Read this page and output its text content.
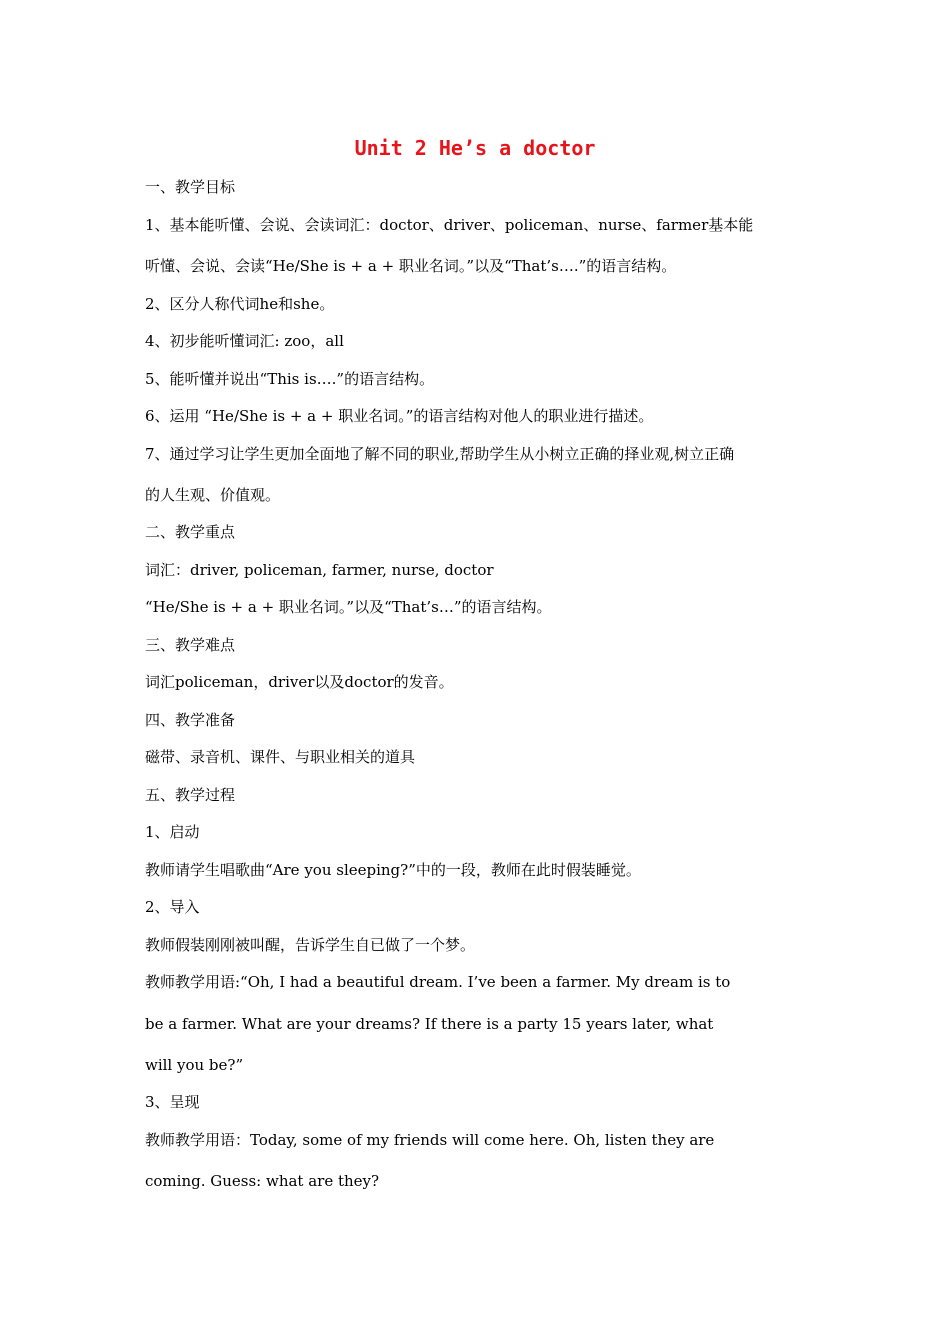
Unit 2 He’s a doctor
一、教学目标
1、基本能听懂、会说、会读词汇：doctor、driver、policeman、nurse、farmer基本能
听懂、会说、会读“He/She is + a + 职业名词。”以及“That’s….”的语言结构。
2、区分人称代词he和she。
4、初步能听懂词汇: zoo，all
5、能听懂并说出“This is….”的语言结构。
6、运用 “He/She is + a + 职业名词。”的语言结构对他人的职业进行描述。
7、通过学习让学生更加全面地了解不同的职业,帮助学生从小树立正确的择业观,树立正确
的人生观、价值观。
二、教学重点
词汇：driver, policeman, farmer, nurse, doctor
“He/She is + a + 职业名词。”以及“That’s…”的语言结构。
三、教学难点
词汇policeman，driver以及doctor的发音。
四、教学准备
磁带、录音机、课件、与职业相关的道具
五、教学过程
1、启动
教师请学生唱歌曲“Are you sleeping?”中的一段，教师在此时假装睡觉。
2、导入
教师假装刚刚被叫醒，告诉学生自已做了一个梦。
教师教学用语:“Oh, I had a beautiful dream. I’ve been a farmer. My dream is to
be a farmer. What are your dreams? If there is a party 15 years later, what
will you be?”
3、呈现
教师教学用语：Today, some of my friends will come here. Oh, listen they are
coming. Guess: what are they?
